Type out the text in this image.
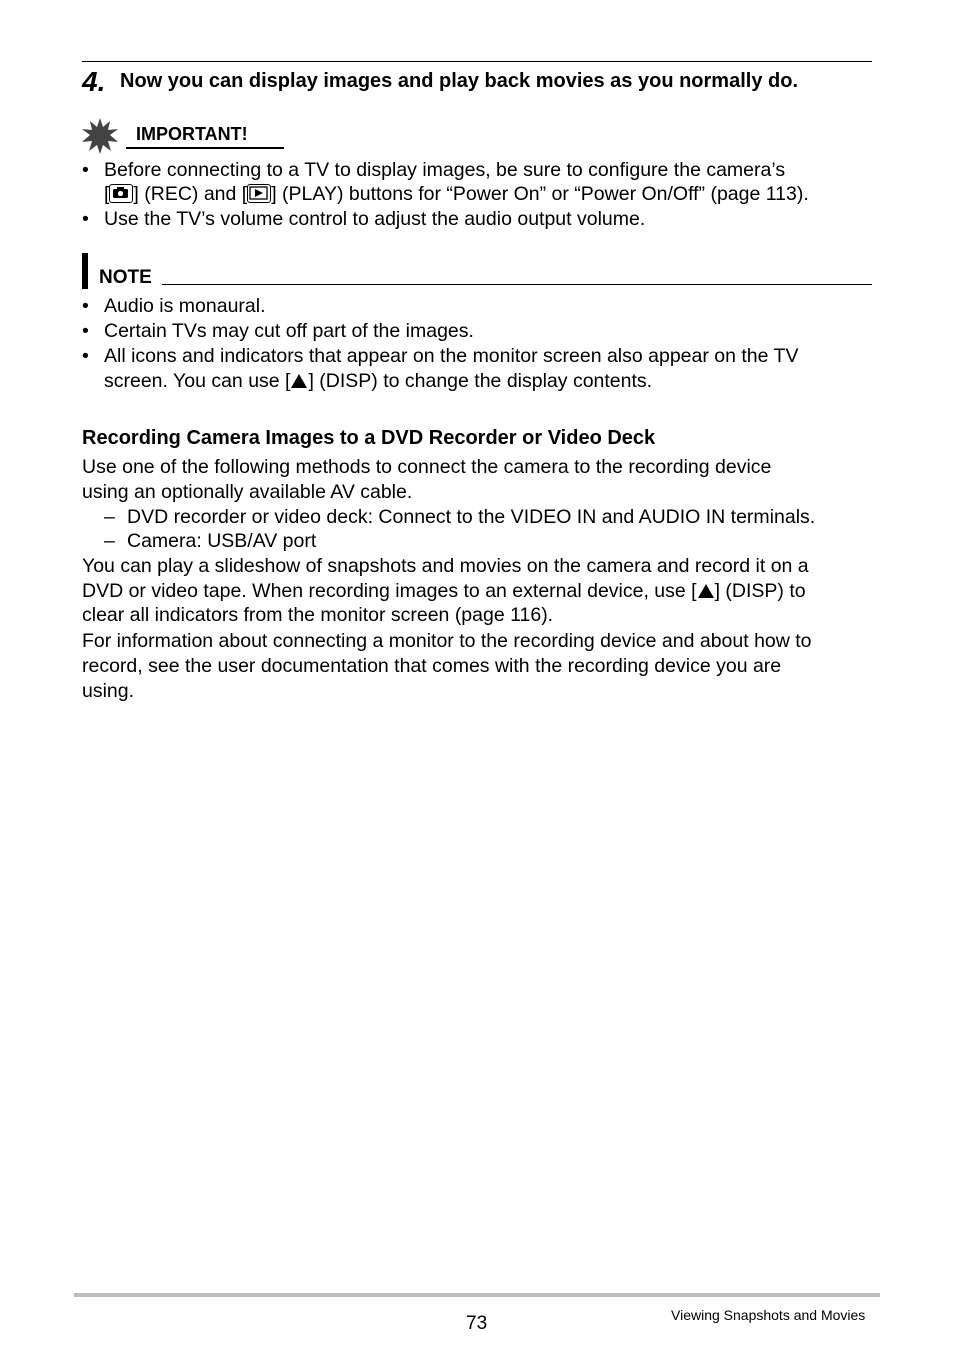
4. Now you can display images and play back movies as you normally do.
IMPORTANT!
• Before connecting to a TV to display images, be sure to configure the camera’s
[ ] (REC) and [ ] (PLAY) buttons for “Power On” or “Power On/Off” (page 113).
• Use the TV’s volume control to adjust the audio output volume.
NOTE
• Audio is monaural.
• Certain TVs may cut off part of the images.
• All icons and indicators that appear on the monitor screen also appear on the TV
screen. You can use [ ] (DISP) to change the display contents.
Recording Camera Images to a DVD Recorder or Video Deck
Use one of the following methods to connect the camera to the recording device
using an optionally available AV cable.
– DVD recorder or video deck: Connect to the VIDEO IN and AUDIO IN terminals.
– Camera: USB/AV port
You can play a slideshow of snapshots and movies on the camera and record it on a
DVD or video tape. When recording images to an external device, use [ ] (DISP) to
clear all indicators from the monitor screen (page 116).
For information about connecting a monitor to the recording device and about how to
record, see the user documentation that comes with the recording device you are
using.
73	Viewing Snapshots and Movies
